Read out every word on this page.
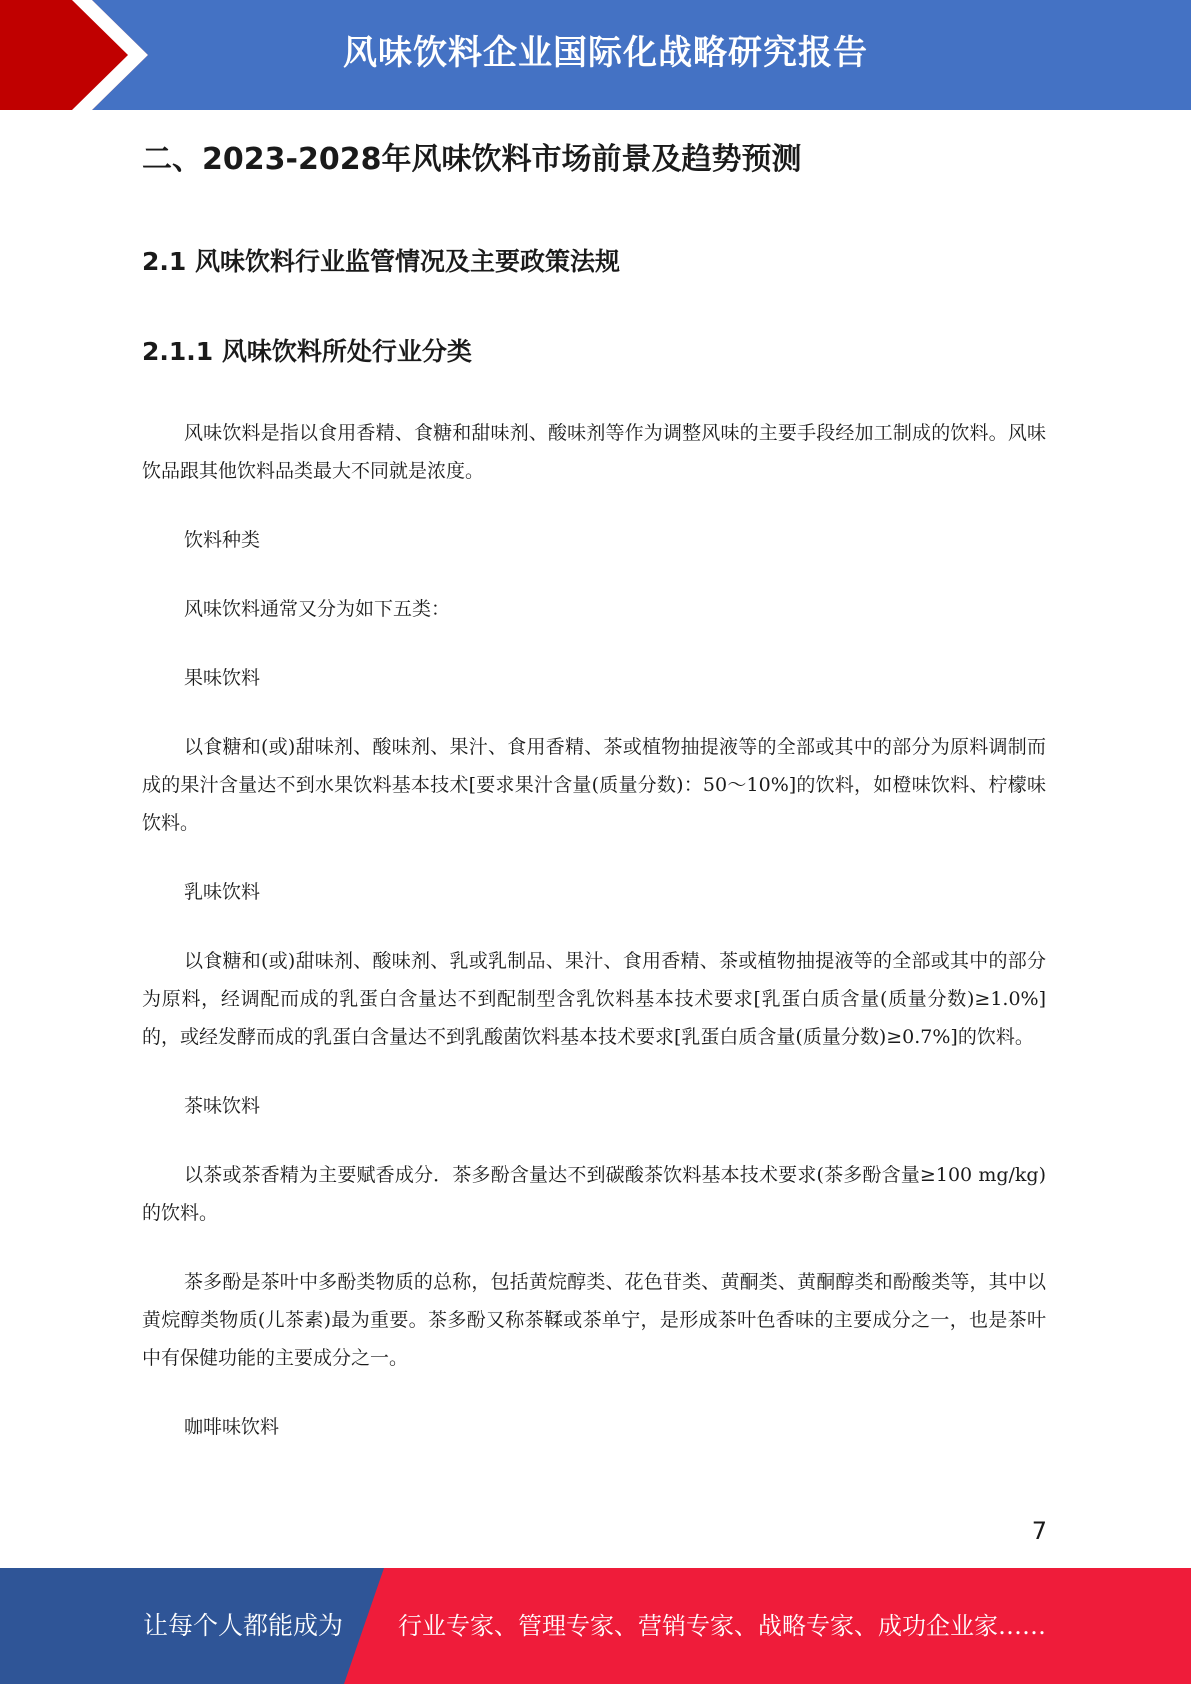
风味饮料企业国际化战略研究报告
二、2023-2028年风味饮料市场前景及趋势预测
2.1 风味饮料行业监管情况及主要政策法规
2.1.1 风味饮料所处行业分类

风味饮料是指以食用香精、食糖和甜味剂、酸味剂等作为调整风味的主要手段经加工制成的饮料。风味饮品跟其他饮料品类最大不同就是浓度。

饮料种类

风味饮料通常又分为如下五类：

果味饮料

以食糖和(或)甜味剂、酸味剂、果汁、食用香精、茶或植物抽提液等的全部或其中的部分为原料调制而成的果汁含量达不到水果饮料基本技术[要求果汁含量(质量分数)：50～10%]的饮料，如橙味饮料、柠檬味饮料。

乳味饮料

以食糖和(或)甜味剂、酸味剂、乳或乳制品、果汁、食用香精、茶或植物抽提液等的全部或其中的部分为原料，经调配而成的乳蛋白含量达不到配制型含乳饮料基本技术要求[乳蛋白质含量(质量分数)≥1.0%]的，或经发酵而成的乳蛋白含量达不到乳酸菌饮料基本技术要求[乳蛋白质含量(质量分数)≥0.7%]的饮料。

茶味饮料

以茶或茶香精为主要赋香成分．茶多酚含量达不到碳酸茶饮料基本技术要求(茶多酚含量≥100 mg/kg)的饮料。

茶多酚是茶叶中多酚类物质的总称，包括黄烷醇类、花色苷类、黄酮类、黄酮醇类和酚酸类等，其中以黄烷醇类物质(儿茶素)最为重要。茶多酚又称茶鞣或茶单宁，是形成茶叶色香味的主要成分之一，也是茶叶中有保健功能的主要成分之一。

咖啡味饮料

7
让每个人都能成为 行业专家、管理专家、营销专家、战略专家、成功企业家……
